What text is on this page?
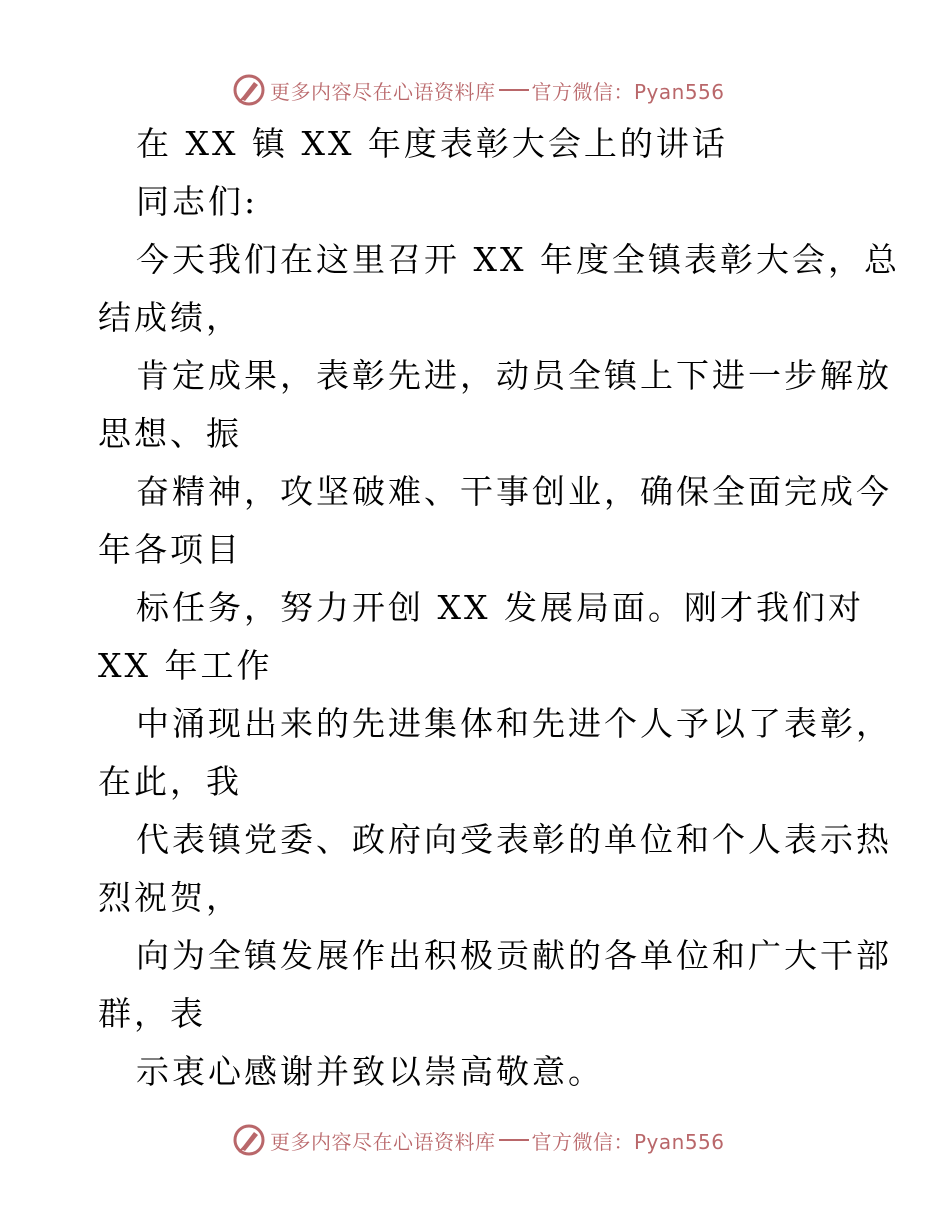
更多内容尽在心语资料库 官方微信：Pyan556
在 XX 镇 XX 年度表彰大会上的讲话
同志们:
今天我们在这里召开 XX 年度全镇表彰大会，总
结成绩，
肯定成果，表彰先进，动员全镇上下进一步解放
思想、振
奋精神，攻坚破难、干事创业，确保全面完成今
年各项目
标任务，努力开创 XX 发展局面。刚才我们对
XX 年工作
中涌现出来的先进集体和先进个人予以了表彰，
在此，我
代表镇党委、政府向受表彰的单位和个人表示热
烈祝贺，
向为全镇发展作出积极贡献的各单位和广大干部
群，表
示衷心感谢并致以崇高敬意。
更多内容尽在心语资料库 官方微信：Pyan556
